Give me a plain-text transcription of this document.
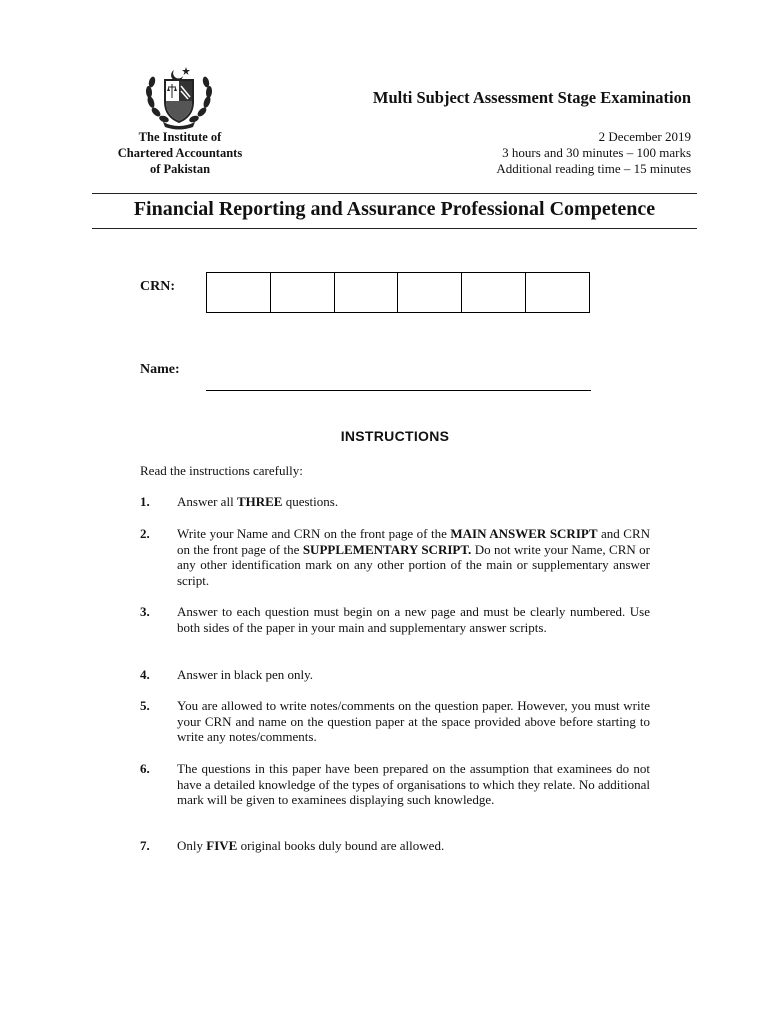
Multi Subject Assessment Stage Examination
The Institute of
Chartered Accountants
of Pakistan
2 December 2019
3 hours and 30 minutes – 100 marks
Additional reading time – 15 minutes
Financial Reporting and Assurance Professional Competence
CRN:
Name:
INSTRUCTIONS
Read the instructions carefully:
1. Answer all THREE questions.
2. Write your Name and CRN on the front page of the MAIN ANSWER SCRIPT and CRN on the front page of the SUPPLEMENTARY SCRIPT. Do not write your Name, CRN or any other identification mark on any other portion of the main or supplementary answer script.
3. Answer to each question must begin on a new page and must be clearly numbered. Use both sides of the paper in your main and supplementary answer scripts.
4. Answer in black pen only.
5. You are allowed to write notes/comments on the question paper. However, you must write your CRN and name on the question paper at the space provided above before starting to write any notes/comments.
6. The questions in this paper have been prepared on the assumption that examinees do not have a detailed knowledge of the types of organisations to which they relate. No additional mark will be given to examinees displaying such knowledge.
7. Only FIVE original books duly bound are allowed.
